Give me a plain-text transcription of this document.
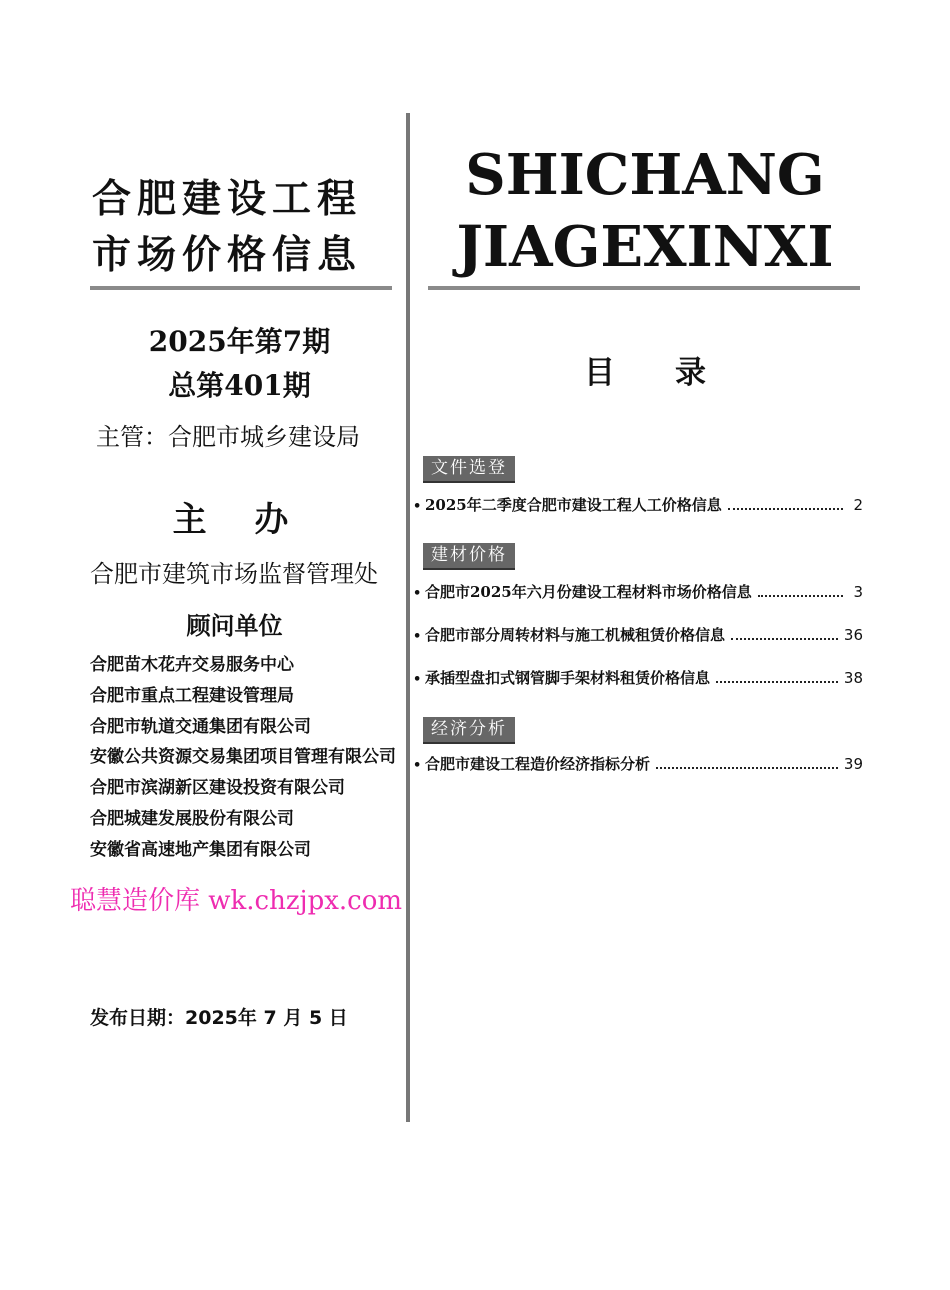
合肥建设工程
市场价格信息
2025年第7期
总第401期
主管：合肥市城乡建设局
主 办
合肥市建筑市场监督管理处
顾问单位
合肥苗木花卉交易服务中心
合肥市重点工程建设管理局
合肥市轨道交通集团有限公司
安徽公共资源交易集团项目管理有限公司
合肥市滨湖新区建设投资有限公司
合肥城建发展股份有限公司
安徽省高速地产集团有限公司
聪慧造价库 wk.chzjpx.com
发布日期：2025年 7 月 5 日
SHICHANG
JIAGEXINXI
目录
文件选登
• 2025年二季度合肥市建设工程人工价格信息	2
建材价格
• 合肥市2025年六月份建设工程材料市场价格信息	3
• 合肥市部分周转材料与施工机械租赁价格信息	36
• 承插型盘扣式钢管脚手架材料租赁价格信息	38
经济分析
• 合肥市建设工程造价经济指标分析	39
